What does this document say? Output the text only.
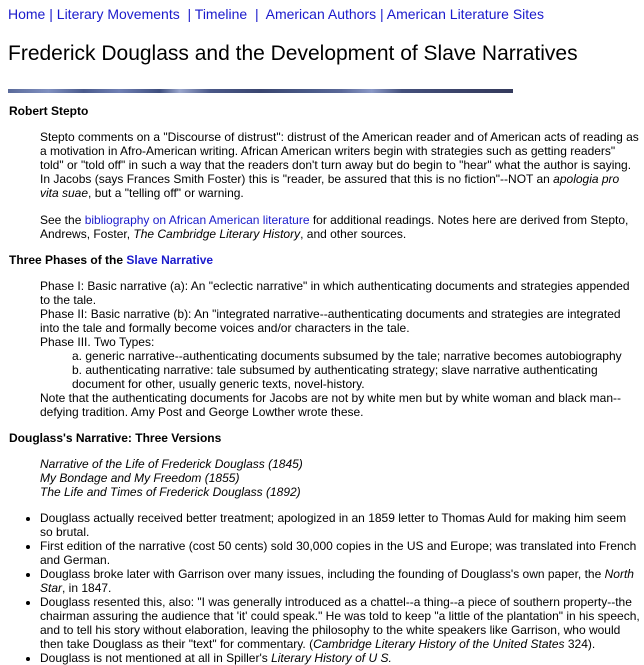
Home | Literary Movements | Timeline | American Authors | American Literature Sites
Frederick Douglass and the Development of Slave Narratives
Robert Stepto

Stepto comments on a "Discourse of distrust": distrust of the American reader and of American acts of reading as a motivation in Afro-American writing. African American writers begin with strategies such as getting readers" told" or "told off" in such a way that the readers don't turn away but do begin to "hear" what the author is saying. In Jacobs (says Frances Smith Foster) this is "reader, be assured that this is no fiction"--NOT an apologia pro vita suae, but a "telling off" or warning.

See the bibliography on African American literature for additional readings. Notes here are derived from Stepto, Andrews, Foster, The Cambridge Literary History, and other sources.

Three Phases of the Slave Narrative

Phase I: Basic narrative (a): An "eclectic narrative" in which authenticating documents and strategies appended to the tale.

Phase II: Basic narrative (b): An "integrated narrative--authenticating documents and strategies are integrated into the tale and formally become voices and/or characters in the tale.

Phase III. Two Types:

a. generic narrative--authenticating documents subsumed by the tale; narrative becomes autobiography

b. authenticating narrative: tale subsumed by authenticating strategy; slave narrative authenticating document for other, usually generic texts, novel-history.

Note that the authenticating documents for Jacobs are not by white men but by white woman and black man--defying tradition. Amy Post and George Lowther wrote these.

Douglass's Narrative: Three Versions

Narrative of the Life of Frederick Douglass (1845)
My Bondage and My Freedom (1855)
The Life and Times of Frederick Douglass (1892)

• Douglass actually received better treatment; apologized in an 1859 letter to Thomas Auld for making him seem so brutal.
• First edition of the narrative (cost 50 cents) sold 30,000 copies in the US and Europe; was translated into French and German.
• Douglass broke later with Garrison over many issues, including the founding of Douglass's own paper, the North Star, in 1847.
• Douglass resented this, also: "I was generally introduced as a chattel--a thing--a piece of southern property--the chairman assuring the audience that 'it' could speak." He was told to keep "a little of the plantation" in his speech, and to tell his story without elaboration, leaving the philosophy to the white speakers like Garrison, who would then take Douglass as their "text" for commentary. (Cambridge Literary History of the United States 324).
• Douglass is not mentioned at all in Spiller's Literary History of U S.
